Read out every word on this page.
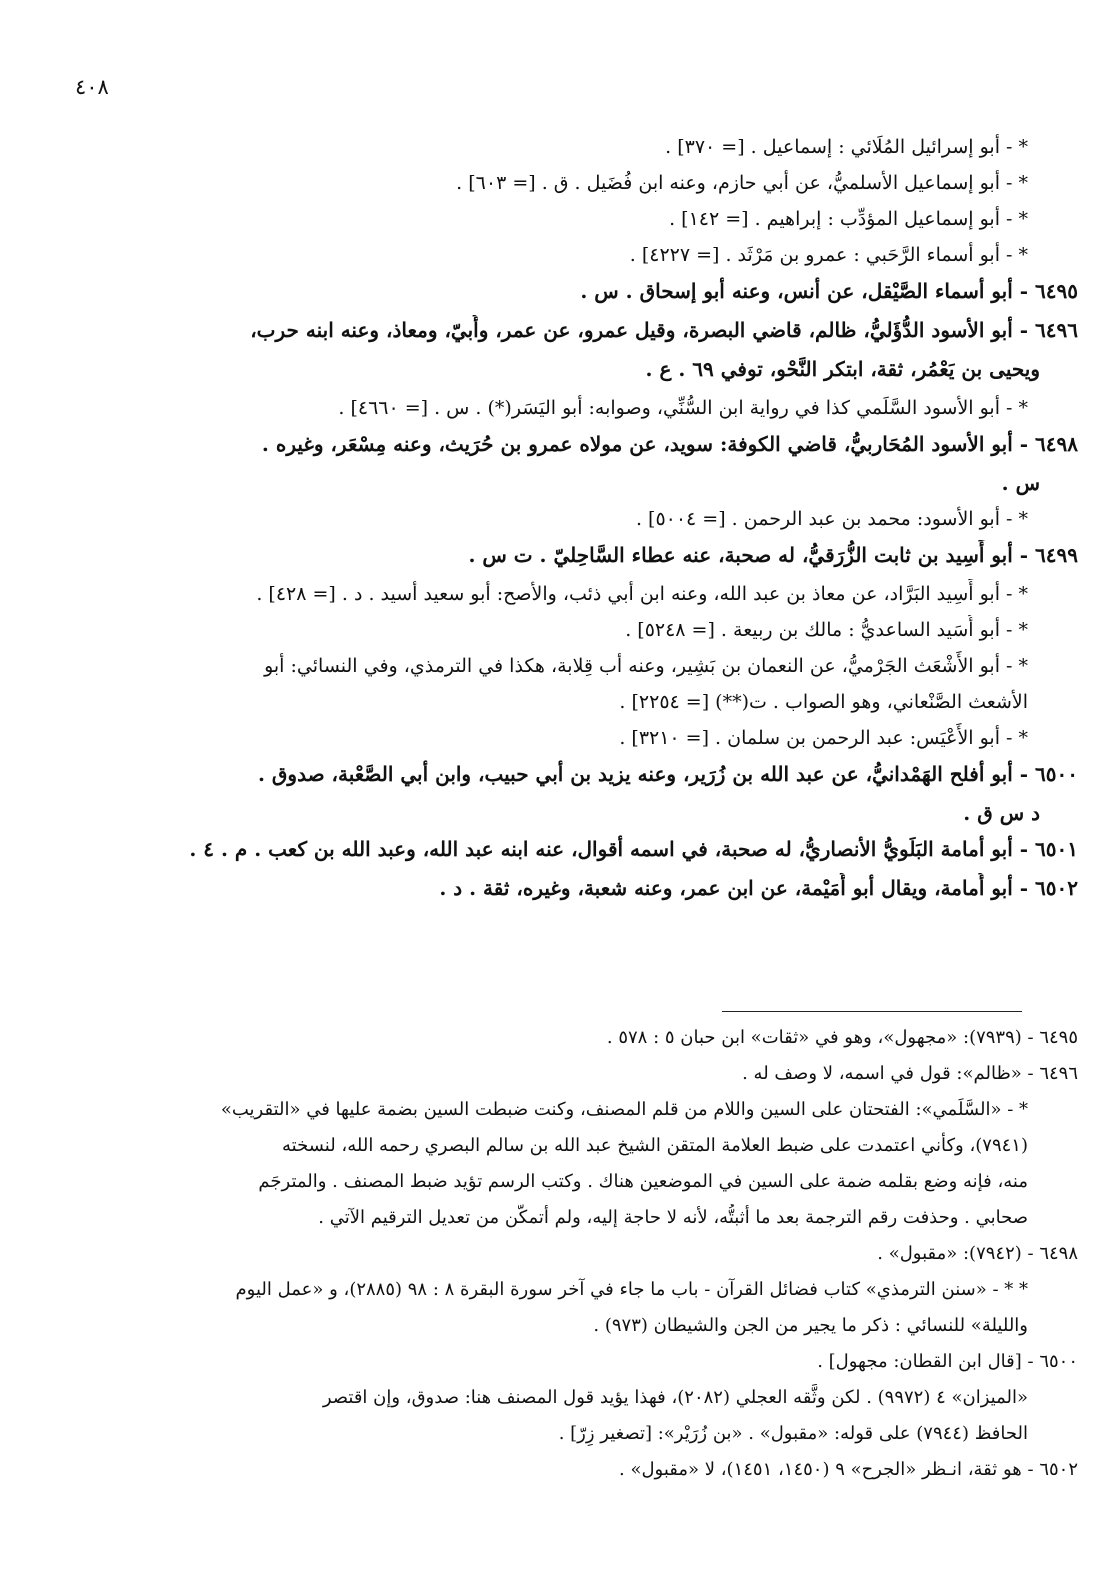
٤٠٨
* - أبو إسرائيل المُلَائي : إسماعيل . [= ٣٧٠] .
* - أبو إسماعيل الأسلميُّ، عن أبي حازم، وعنه ابن فُضَيل . ق . [= ٦٠٣] .
* - أبو إسماعيل المؤدِّب : إبراهيم . [= ١٤٢] .
* - أبو أسماء الرَّحَبي : عمرو بن مَرْثَد . [= ٤٢٢٧] .
٦٤٩٥ - أبو أسماء الصَّيْقل، عن أنس، وعنه أبو إسحاق . س .
٦٤٩٦ - أبو الأسود الدُّؤَليُّ، ظالم، قاضي البصرة، وقيل عمرو، عن عمر، وأُبيّ، ومعاذ، وعنه ابنه حرب،
ويحيى بن يَعْمُر، ثقة، ابتكر النَّحْو، توفي ٦٩ . ع .
* - أبو الأسود السَّلَمي كذا في رواية ابن السُّنِّي، وصوابه: أبو اليَسَر(*) . س . [= ٤٦٦٠] .
٦٤٩٨ - أبو الأسود المُحَاربيُّ، قاضي الكوفة: سويد، عن مولاه عمرو بن حُرَيث، وعنه مِسْعَر، وغيره .
س .
* - أبو الأسود: محمد بن عبد الرحمن . [= ٥٠٠٤] .
٦٤٩٩ - أبو أَسِيد بن ثابت الزُّرَقيُّ، له صحبة، عنه عطاء السَّاحِليّ . ت س .
* - أبو أَسِيد البَرَّاد، عن معاذ بن عبد الله، وعنه ابن أبي ذئب، والأصح: أبو سعيد أسيد . د . [= ٤٢٨] .
* - أبو أُسَيد الساعديُّ : مالك بن ربيعة . [= ٥٢٤٨] .
* - أبو الأَشْعَث الجَرْميُّ، عن النعمان بن بَشِير، وعنه أب قِلابة، هكذا في الترمذي، وفي النسائي: أبو
الأشعث الصَّنْعاني، وهو الصواب . ت(**) [= ٢٢٥٤] .
* - أبو الأَعْيَس: عبد الرحمن بن سلمان . [= ٣٢١٠] .
٦٥٠٠ - أبو أفلح الهَمْدانيُّ، عن عبد الله بن زُرَير، وعنه يزيد بن أبي حبيب، وابن أبي الصَّعْبة، صدوق .
د س ق .
٦٥٠١ - أبو أمامة البَلَويُّ الأنصاريُّ، له صحبة، في اسمه أقوال، عنه ابنه عبد الله، وعبد الله بن كعب . م . ٤ .
٦٥٠٢ - أبو أُمامة، ويقال أبو أُمَيْمة، عن ابن عمر، وعنه شعبة، وغيره، ثقة . د .
٦٤٩٥ - (٧٩٣٩): «مجهول»، وهو في «ثقات» ابن حبان ٥ : ٥٧٨ .
٦٤٩٦ - «ظالم»: قول في اسمه، لا وصف له .
* - «السَّلَمي»: الفتحتان على السين واللام من قلم المصنف، وكنت ضبطت السين بضمة عليها في «التقريب»
(٧٩٤١)، وكأني اعتمدت على ضبط العلامة المتقن الشيخ عبد الله بن سالم البصري رحمه الله، لنسخته
منه، فإنه وضع بقلمه ضمة على السين في الموضعين هناك . وكتب الرسم تؤيد ضبط المصنف . والمترجَم
صحابي . وحذفت رقم الترجمة بعد ما أثبتُّه، لأنه لا حاجة إليه، ولم أتمكَّن من تعديل الترقيم الآتي .
٦٤٩٨ - (٧٩٤٢): «مقبول» .
* * - «سنن الترمذي» كتاب فضائل القرآن - باب ما جاء في آخر سورة البقرة ٨ : ٩٨ (٢٨٨٥)، و «عمل اليوم
والليلة» للنسائي : ذكر ما يجير من الجن والشيطان (٩٧٣) .
٦٥٠٠ - [قال ابن القطان: مجهول] .
«الميزان» ٤ (٩٩٧٢) . لكن وثَّقه العجلي (٢٠٨٢)، فهذا يؤيد قول المصنف هنا: صدوق، وإن اقتصر
الحافظ (٧٩٤٤) على قوله: «مقبول» . «بن زُرَيْر»: [تصغير زِرّ] .
٦٥٠٢ - هو ثقة، انـظر «الجرح» ٩ (١٤٥٠، ١٤٥١)، لا «مقبول» .
